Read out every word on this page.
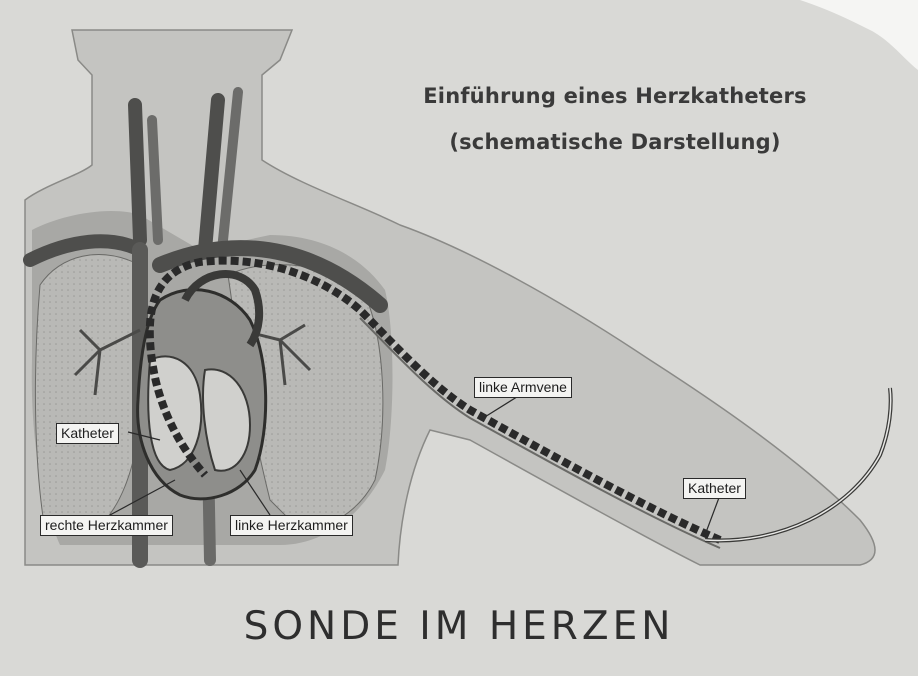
Einführung eines Herzkatheters
(schematische Darstellung)
Katheter
rechte Herzkammer	linke Herzkammer
linke Armvene
Katheter
SONDE IM HERZEN
